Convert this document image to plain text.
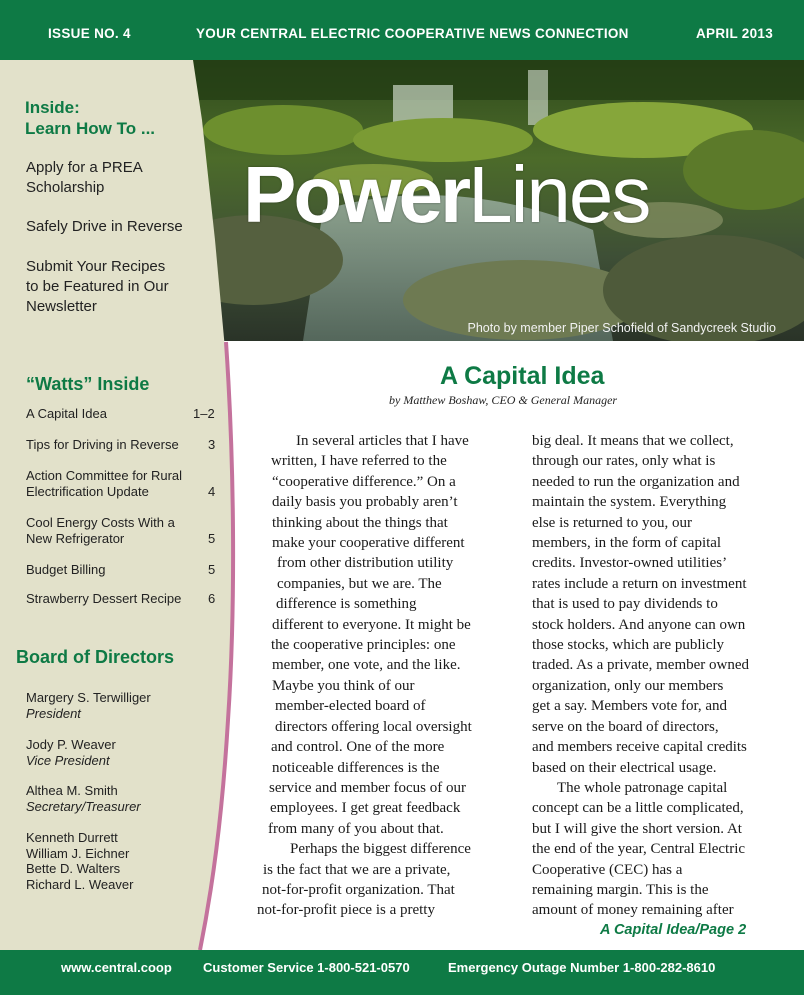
ISSUE NO. 4	YOUR CENTRAL ELECTRIC COOPERATIVE NEWS CONNECTION	APRIL 2013
PowerLines
Photo by member Piper Schofield of Sandycreek Studio
Inside:
Learn How To ...
Apply for a PREA
Scholarship
Safely Drive in Reverse
Submit Your Recipes
to be Featured in Our
Newsletter
“Watts” Inside
A Capital Idea	1–2
Tips for Driving in Reverse 3
Action Committee for Rural
Electrification Update	4
Cool Energy Costs With a
New Refrigerator	5
Budget Billing	5
Strawberry Dessert Recipe 6
Board of Directors
Margery S. Terwilliger
President
Jody P. Weaver
Vice President
Althea M. Smith
Secretary/Treasurer
Kenneth Durrett
William J. Eichner
Bette D. Walters
Richard L. Weaver
A Capital Idea
by Matthew Boshaw, CEO & General Manager
In several articles that I have
written, I have referred to the
“cooperative difference.” On a
daily basis you probably aren’t
thinking about the things that
make your cooperative different
from other distribution utility
companies, but we are. The
difference is something
different to everyone. It might be
the cooperative principles: one
member, one vote, and the like.
Maybe you think of our
member-elected board of
directors offering local oversight
and control. One of the more
noticeable differences is the
service and member focus of our
employees. I get great feedback
from many of you about that.
Perhaps the biggest difference
is the fact that we are a private,
not-for-profit organization. That
not-for-profit piece is a pretty
big deal. It means that we collect,
through our rates, only what is
needed to run the organization and
maintain the system. Everything
else is returned to you, our
members, in the form of capital
credits. Investor-owned utilities’
rates include a return on investment
that is used to pay dividends to
stock holders. And anyone can own
those stocks, which are publicly
traded. As a private, member owned
organization, only our members
get a say. Members vote for, and
serve on the board of directors,
and members receive capital credits
based on their electrical usage.
The whole patronage capital
concept can be a little complicated,
but I will give the short version. At
the end of the year, Central Electric
Cooperative (CEC) has a
remaining margin. This is the
amount of money remaining after
A Capital Idea/Page 2
www.central.coop Customer Service 1-800-521-0570	Emergency Outage Number 1-800-282-8610
